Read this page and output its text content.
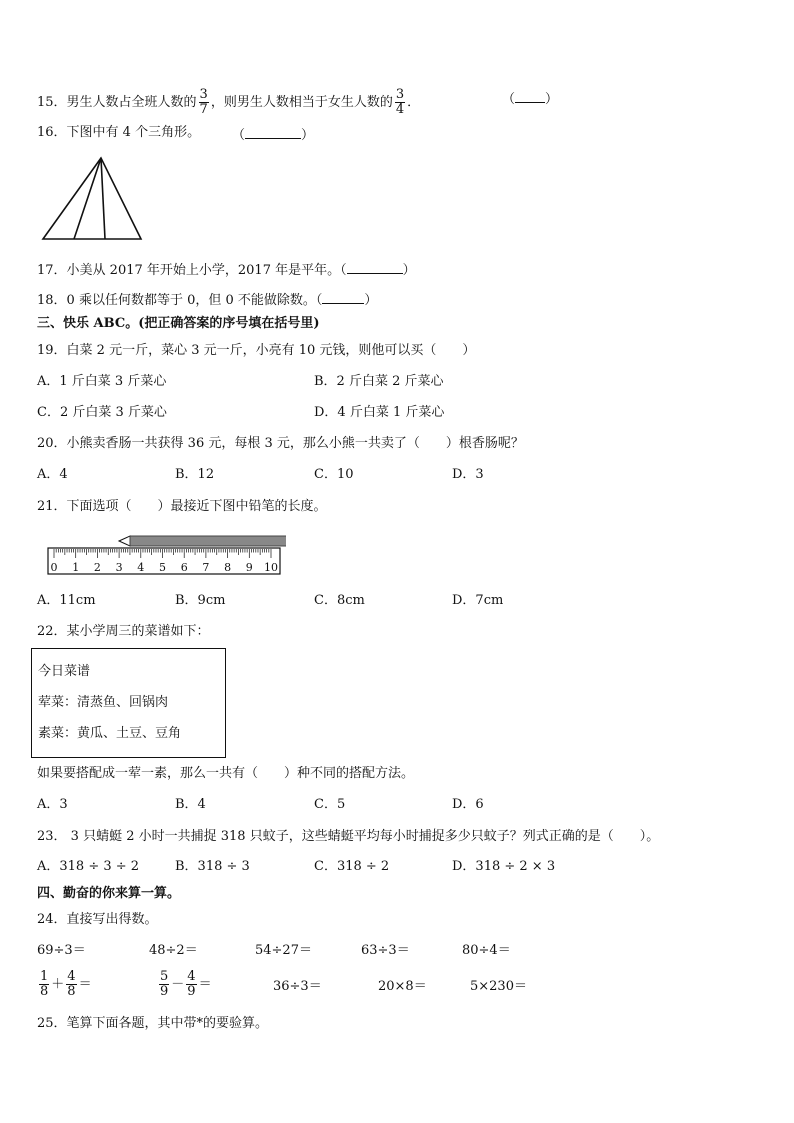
15．男生人数占全班人数的 $\frac{3}{7}$ ，则男生人数相当于女生人数的 $\frac{3}{4}$ ．	（ ）
16．下图中有 4 个三角形。 （	）
17．小美从 2017 年开始上小学，2017 年是平年。（	）
18．0 乘以任何数都等于 0，但 0 不能做除数。（	）
三、快乐 ABC。(把正确答案的序号填在括号里)
19．白菜 2 元一斤，菜心 3 元一斤，小亮有 10 元钱，则他可以买（　　）
A．1 斤白菜 3 斤菜心	B．2 斤白菜 2 斤菜心
C．2 斤白菜 3 斤菜心	D．4 斤白菜 1 斤菜心
20．小熊卖香肠一共获得 36 元，每根 3 元，那么小熊一共卖了（　　）根香肠呢？
A．4	B．12	C．10	D．3
21．下面选项（　　）最接近下图中铅笔的长度。
0 1 2 3 4 5 6 7 8 9 10
A．11cm	B．9cm	C．8cm	D．7cm
22．某小学周三的菜谱如下：
今日菜谱
荤菜：清蒸鱼、回锅肉
素菜：黄瓜、土豆、豆角
如果要搭配成一荤一素，那么一共有（　　）种不同的搭配方法。
A．3	B．4	C．5	D．6
23． 3 只蜻蜓 2 小时一共捕捉 318 只蚊子，这些蜻蜓平均每小时捕捉多少只蚊子？列式正确的是（　　）。
A．318 ÷ 3 ÷ 2	B．318 ÷ 3	C．318 ÷ 2	D．318 ÷ 2 × 3
四、勤奋的你来算一算。
24．直接写出得数。
69÷3＝	48÷2＝	54÷27＝	63÷3＝	80÷4＝
$\frac{1}{8} + \frac{4}{8}$ ＝	$\frac{5}{9} - \frac{4}{9}$ ＝	36÷3＝	20×8＝	5×230＝
25．笔算下面各题，其中带*的要验算。
